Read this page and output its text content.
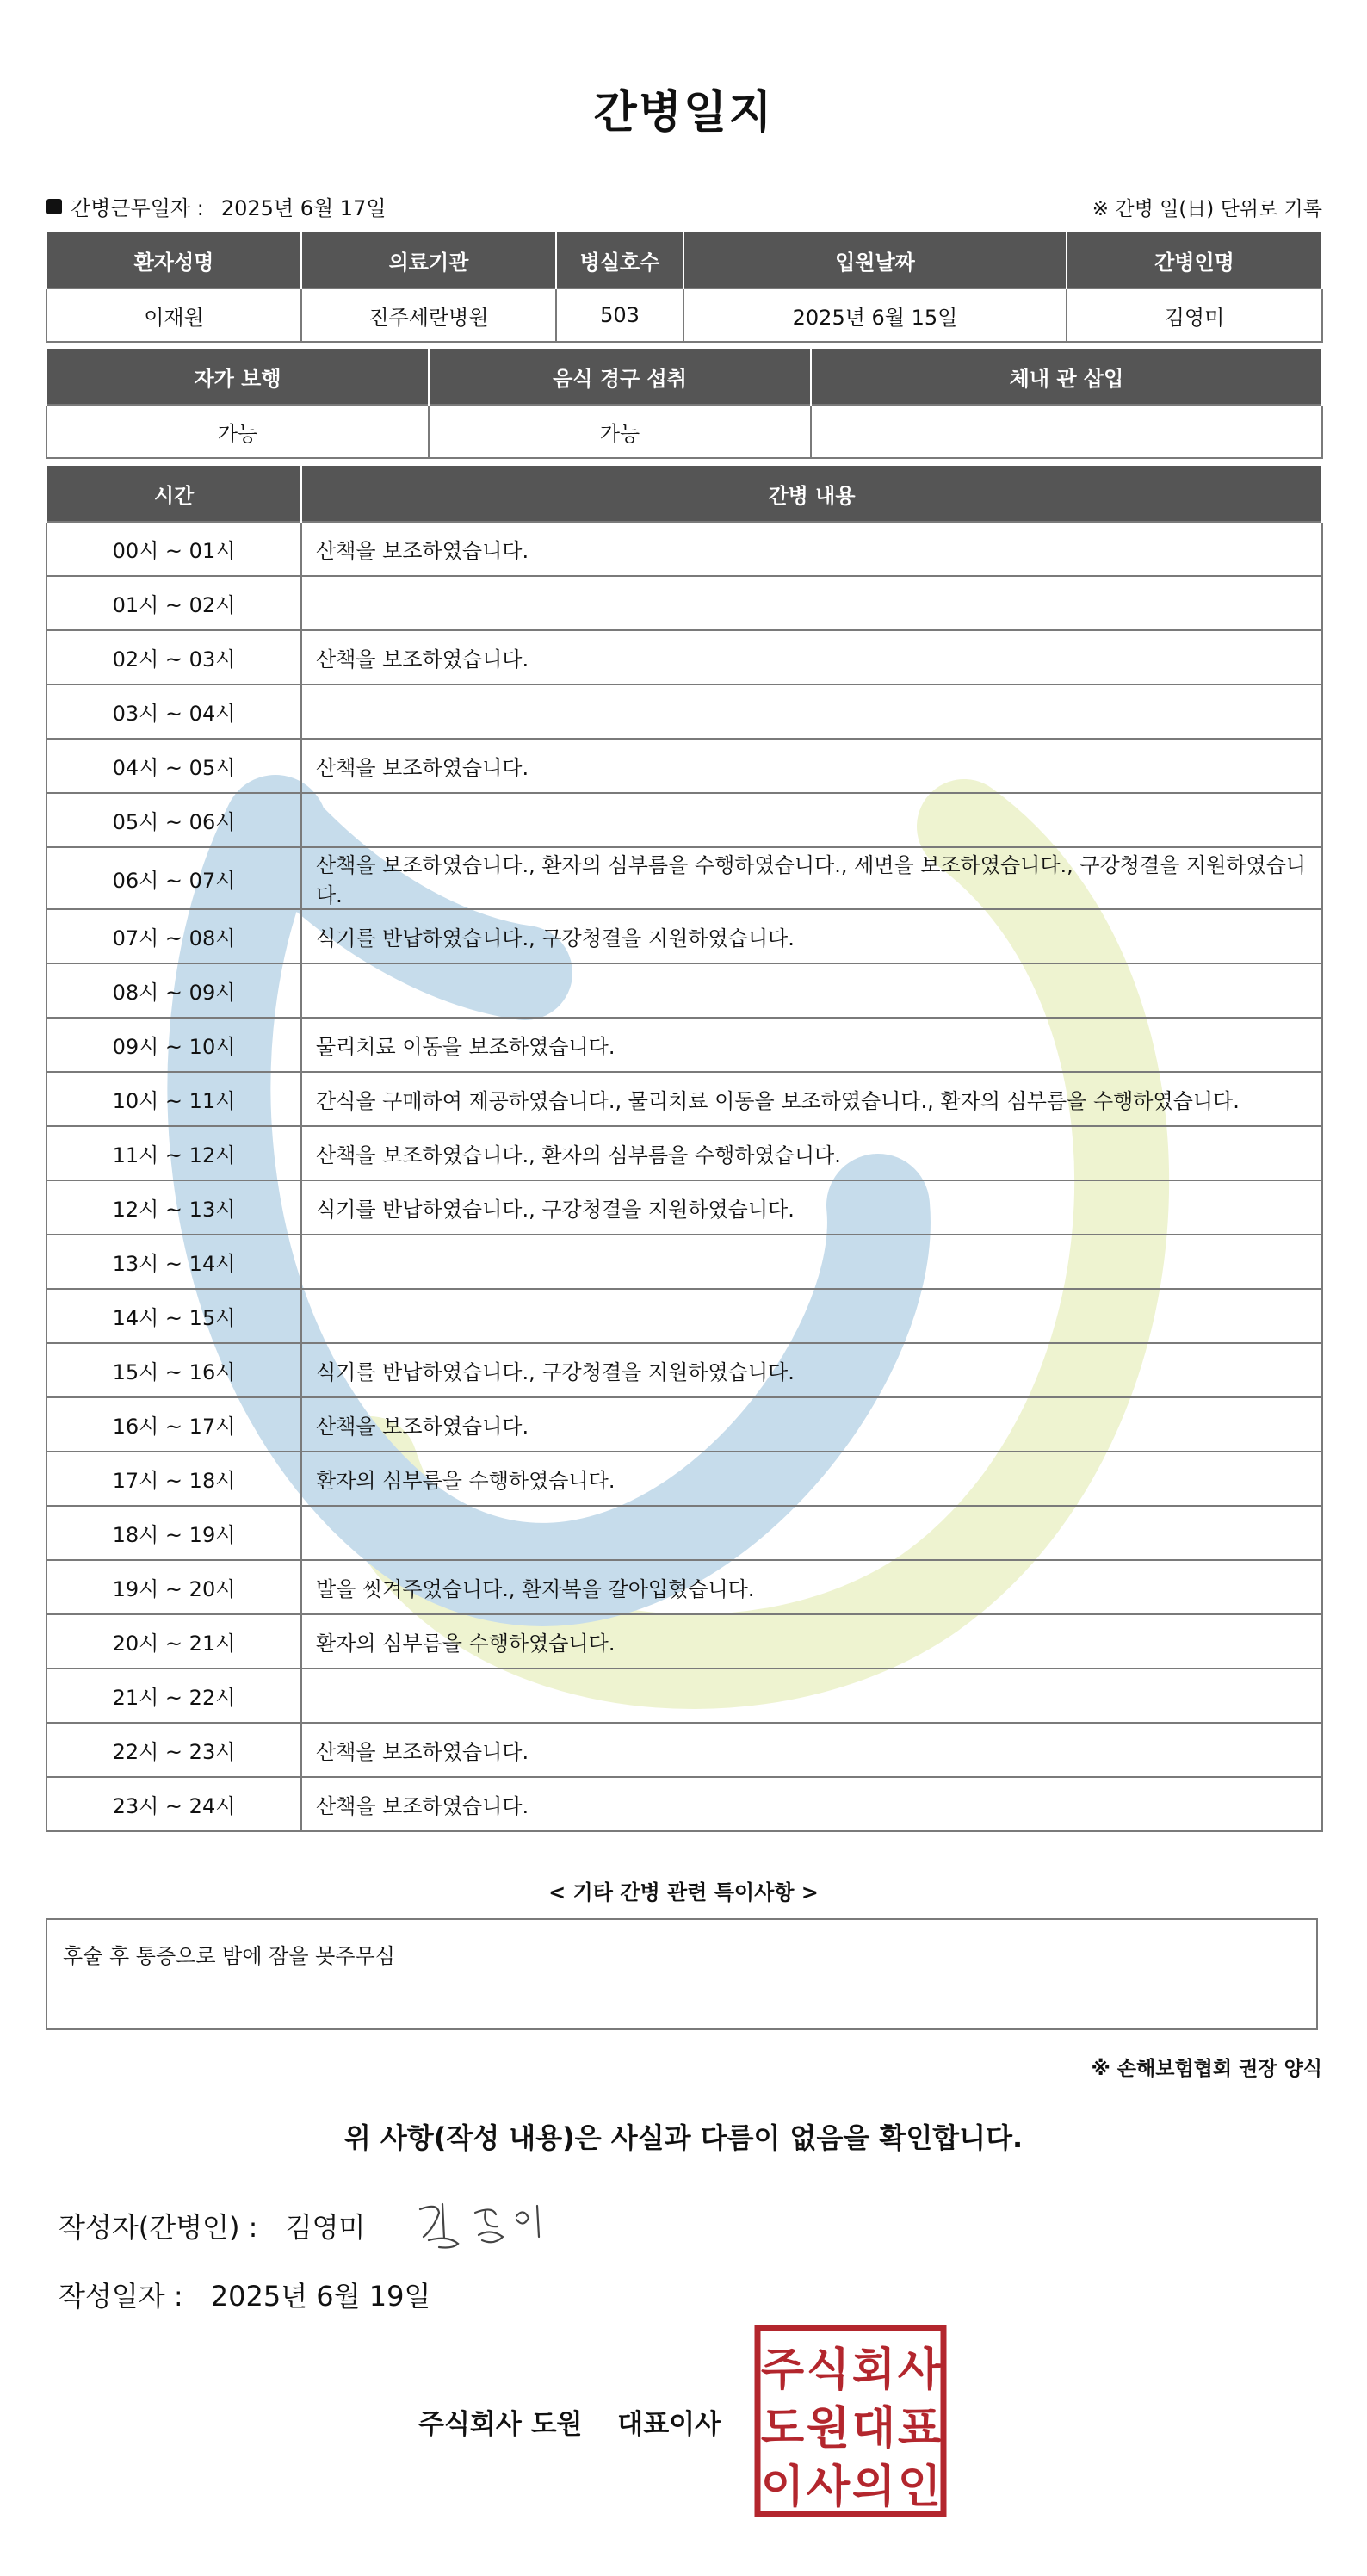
간병일지
간병근무일자 : 2025년 6월 17일	※ 간병 일(日) 단위로 기록
환자성명	의료기관	병실호수	입원날짜	간병인명
이재원	진주세란병원	503	2025년 6월 15일	김영미
자가 보행	음식 경구 섭취	체내 관 삽입
가능	가능	
시간	간병 내용
00시 ~ 01시	산책을 보조하였습니다.
01시 ~ 02시	
02시 ~ 03시	산책을 보조하였습니다.
03시 ~ 04시	
04시 ~ 05시	산책을 보조하였습니다.
05시 ~ 06시	
06시 ~ 07시	산책을 보조하였습니다., 환자의 심부름을 수행하였습니다., 세면을 보조하였습니다., 구강청결을 지원하였습니다.
07시 ~ 08시	식기를 반납하였습니다., 구강청결을 지원하였습니다.
08시 ~ 09시	
09시 ~ 10시	물리치료 이동을 보조하였습니다.
10시 ~ 11시	간식을 구매하여 제공하였습니다., 물리치료 이동을 보조하였습니다., 환자의 심부름을 수행하였습니다.
11시 ~ 12시	산책을 보조하였습니다., 환자의 심부름을 수행하였습니다.
12시 ~ 13시	식기를 반납하였습니다., 구강청결을 지원하였습니다.
13시 ~ 14시	
14시 ~ 15시	
15시 ~ 16시	식기를 반납하였습니다., 구강청결을 지원하였습니다.
16시 ~ 17시	산책을 보조하였습니다.
17시 ~ 18시	환자의 심부름을 수행하였습니다.
18시 ~ 19시	
19시 ~ 20시	발을 씻겨주었습니다., 환자복을 갈아입혔습니다.
20시 ~ 21시	환자의 심부름을 수행하였습니다.
21시 ~ 22시	
22시 ~ 23시	산책을 보조하였습니다.
23시 ~ 24시	산책을 보조하였습니다.
< 기타 간병 관련 특이사항 >
후술 후 통증으로 밤에 잠을 못주무심
※ 손해보험협회 권장 양식
위 사항(작성 내용)은 사실과 다름이 없음을 확인합니다.
작성자(간병인) : 김영미
작성일자 : 2025년 6월 19일
주식회사 도원 대표이사
주 식 회 사
도 원 대 표
이 사 의 인
